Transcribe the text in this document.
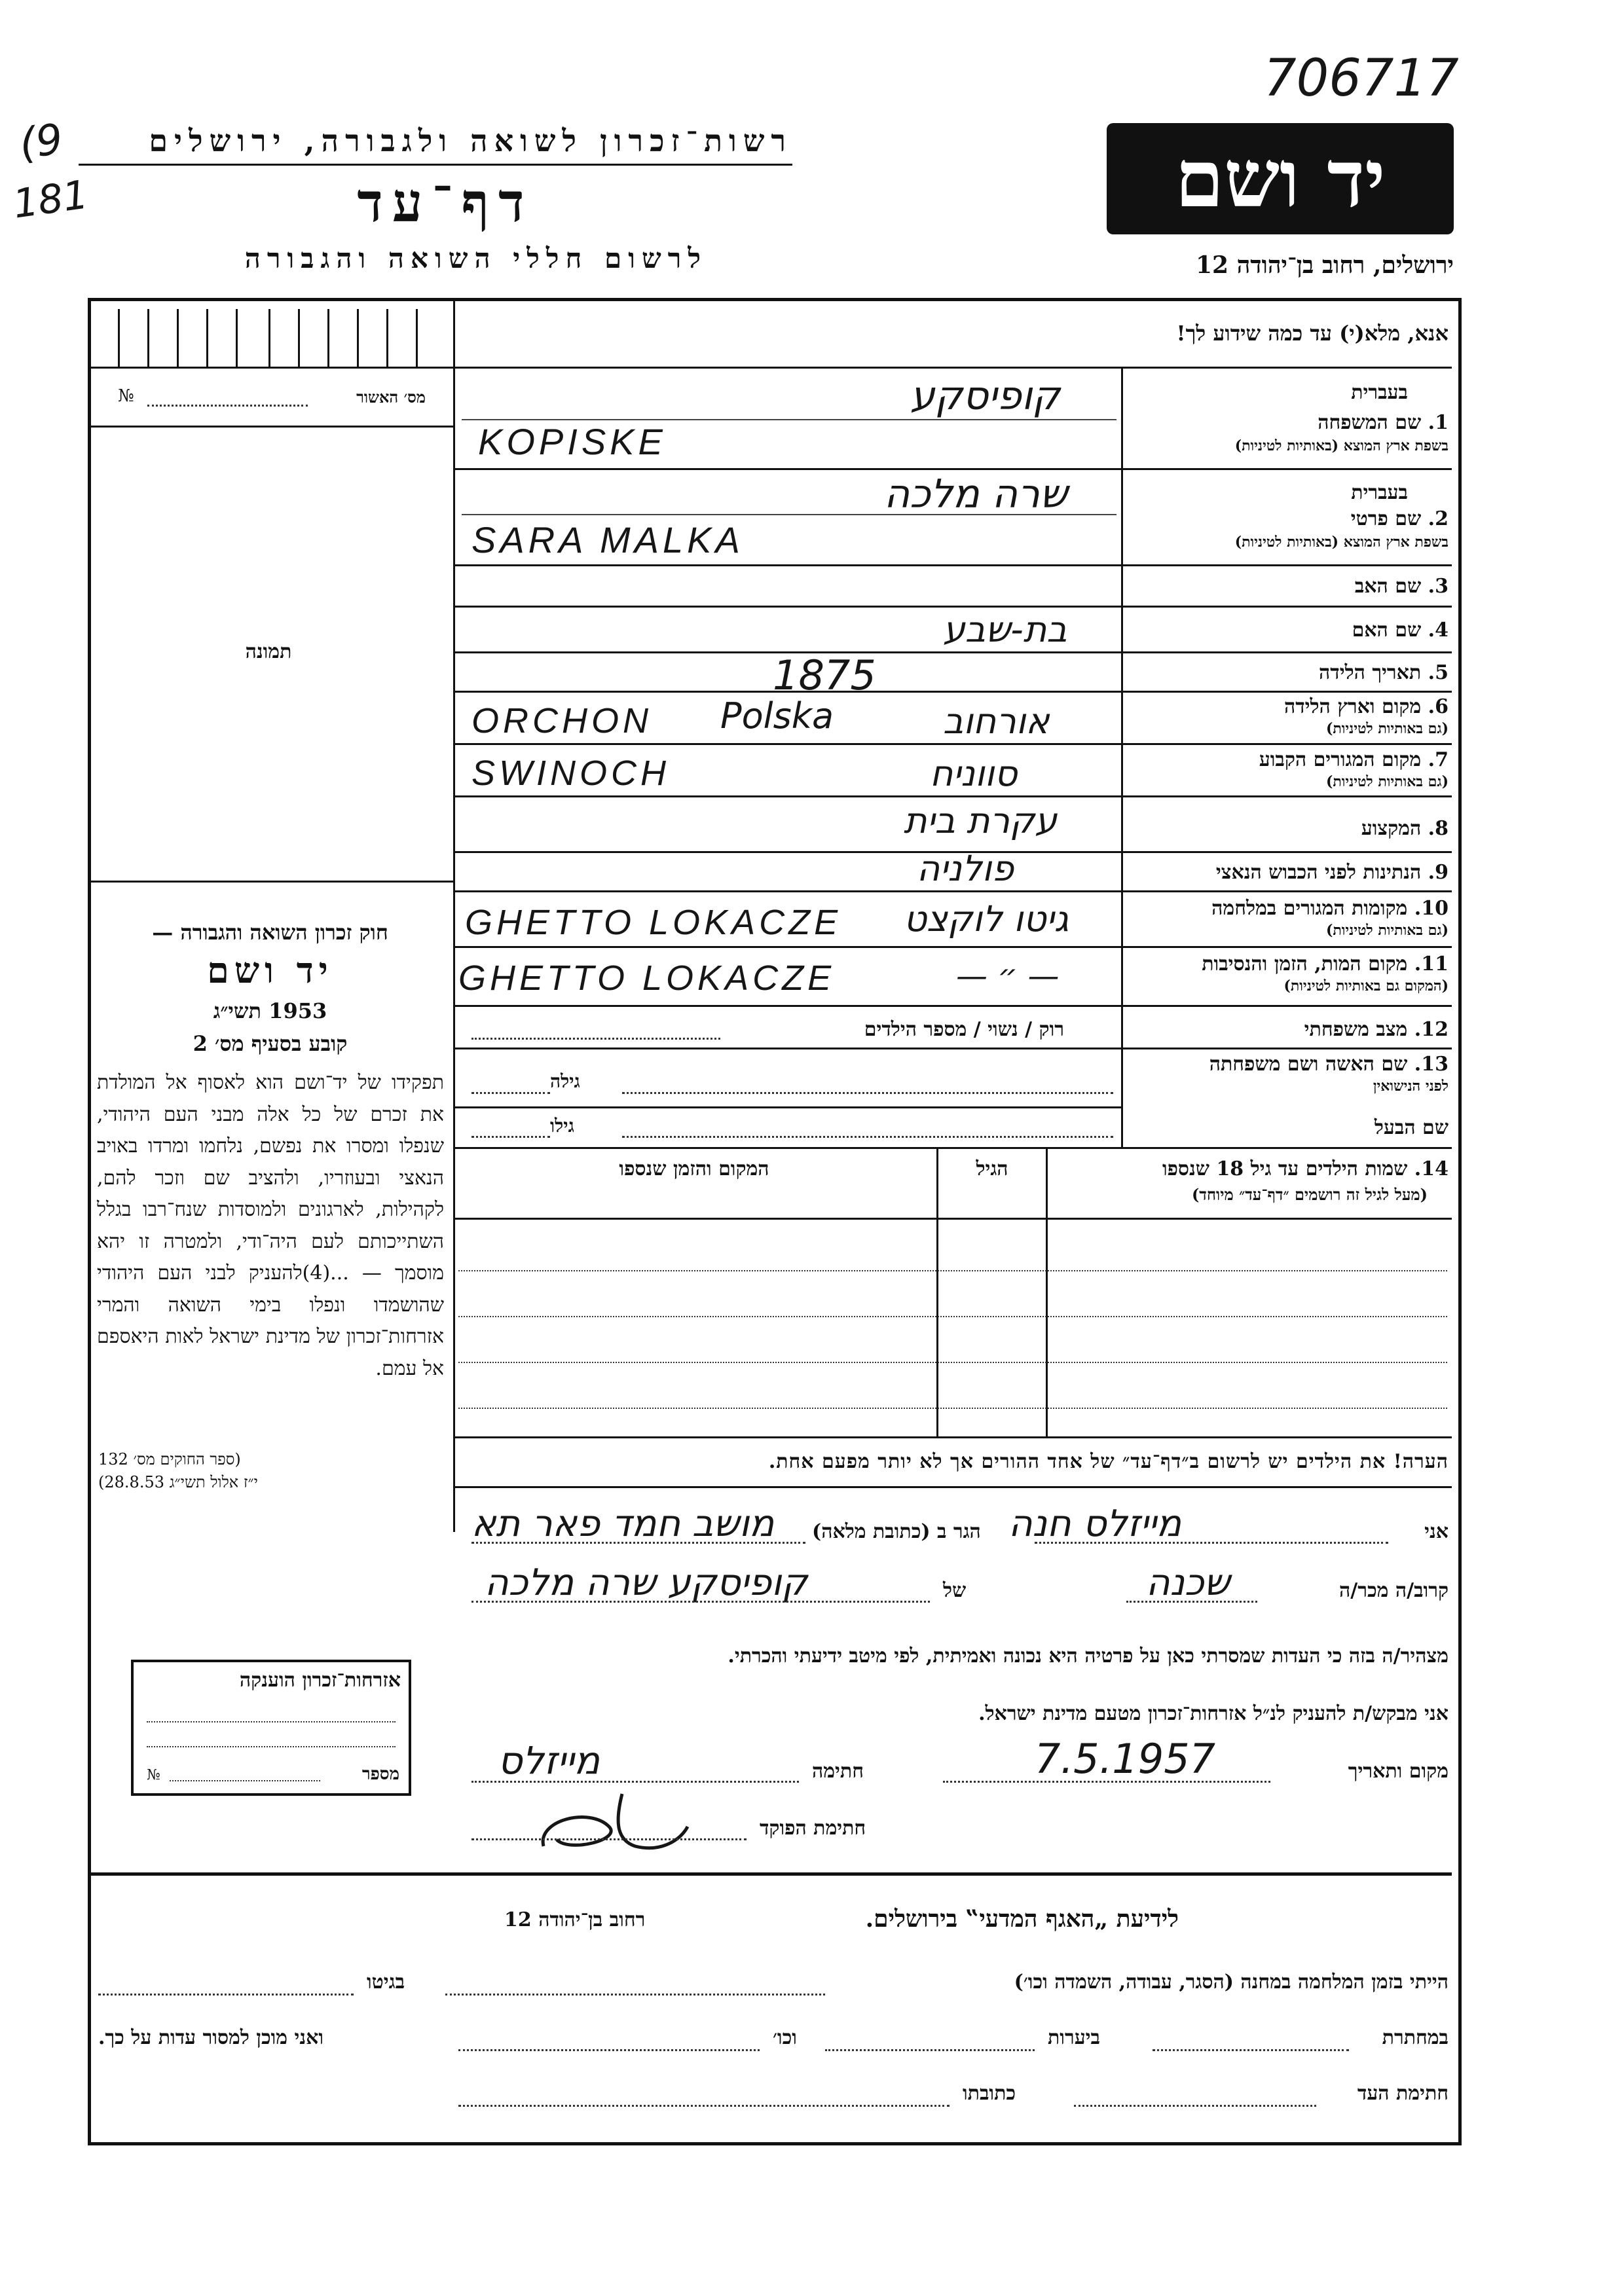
(9
181
706717
רשות־זכרון לשואה ולגבורה, ירושלים
דף־עד
לרשום חללי השואה והגבורה
יד ושם
ירושלים, רחוב בן־יהודה 12
№	מס׳ האשור
תמונה
חוק זכרון השואה והגבורה —
יד ושם
תשי״ג 1953
קובע בסעיף מס׳ 2
תפקידו של יד־ושם הוא לאסוף אל המולדת את זכרם של כל אלה מבני העם היהודי, שנפלו ומסרו את נפשם, נלחמו ומרדו באויב הנאצי ובעוזריו, ולהציב שם וזכר להם, לקהילות, לארגונים ולמוסדות שנח־רבו בגלל השתייכותם לעם היה־ודי, ולמטרה זו יהא מוסמך — ...(4)להעניק לבני העם היהודי שהושמדו ונפלו בימי השואה והמרי אזרחות־זכרון של מדינת ישראל לאות היאספם אל עמם.
(ספר החוקים מס׳ 132
י״ז אלול תשי״ג 28.8.53)
אזרחות־זכרון הוענקה
№	מספר
אנא, מלא(י) עד כמה שידוע לך!
בעברית
1. שם המשפחה
בשפת ארץ המוצא (באותיות לטיניות)
קופיסקע
KOPISKE
בעברית
2. שם פרטי
בשפת ארץ המוצא (באותיות לטיניות)
שרה מלכה
SARA MALKA
3. שם האב
4. שם האם
בת-שבע
5. תאריך הלידה
1875
6. מקום וארץ הלידה
(גם באותיות לטיניות)
ORCHON Polska	אורחוב
7. מקום המגורים הקבוע
(גם באותיות לטיניות)
SWINOCH	סווניח
8. המקצוע
עקרת בית
9. הנתינות לפני הכבוש הנאצי
פולניה
10. מקומות המגורים במלחמה
(גם באותיות לטיניות)
GHETTO LOKACZE גיטו לוקצט
11. מקום המות, הזמן והנסיבות
(המקום גם באותיות לטיניות)
GHETTO LOKACZE	— ״ —
12. מצב משפחתי
רוק / נשוי / מספר הילדים
13. שם האשה ושם משפחתה
לפני הנישואין
גילה
שם הבעל
גילו
14. שמות הילדים עד גיל 18 שנספו
(מעל לגיל זה רושמים ״דף־עד״ מיוחד)
הגיל
המקום והזמן שנספו
הערה! את הילדים יש לרשום ב״דף־עד״ של אחד ההורים אך לא יותר מפעם אחת.
אני
מייזלס חנה
הגר ב (כתובת מלאה)
מושב חמד פאר תא
קרוב/ה מכר/ה
שכנה
של
קופיסקע שרה מלכה
מצהיר/ה בזה כי העדות שמסרתי כאן על פרטיה היא נכונה ואמיתית, לפי מיטב ידיעתי והכרתי.
אני מבקש/ת להעניק לנ״ל אזרחות־זכרון מטעם מדינת ישראל.
מקום ותאריך
7.5.1957
חתימה
מייזלס
חתימת הפוקד
לידיעת „האגף המדעי‟ בירושלים.
רחוב בן־יהודה 12
הייתי בזמן המלחמה במחנה (הסגר, עבודה, השמדה וכו׳)
בגיטו
במחתרת
ביערות
וכו׳
ואני מוכן למסור עדות על כך.
חתימת העד
כתובתו
